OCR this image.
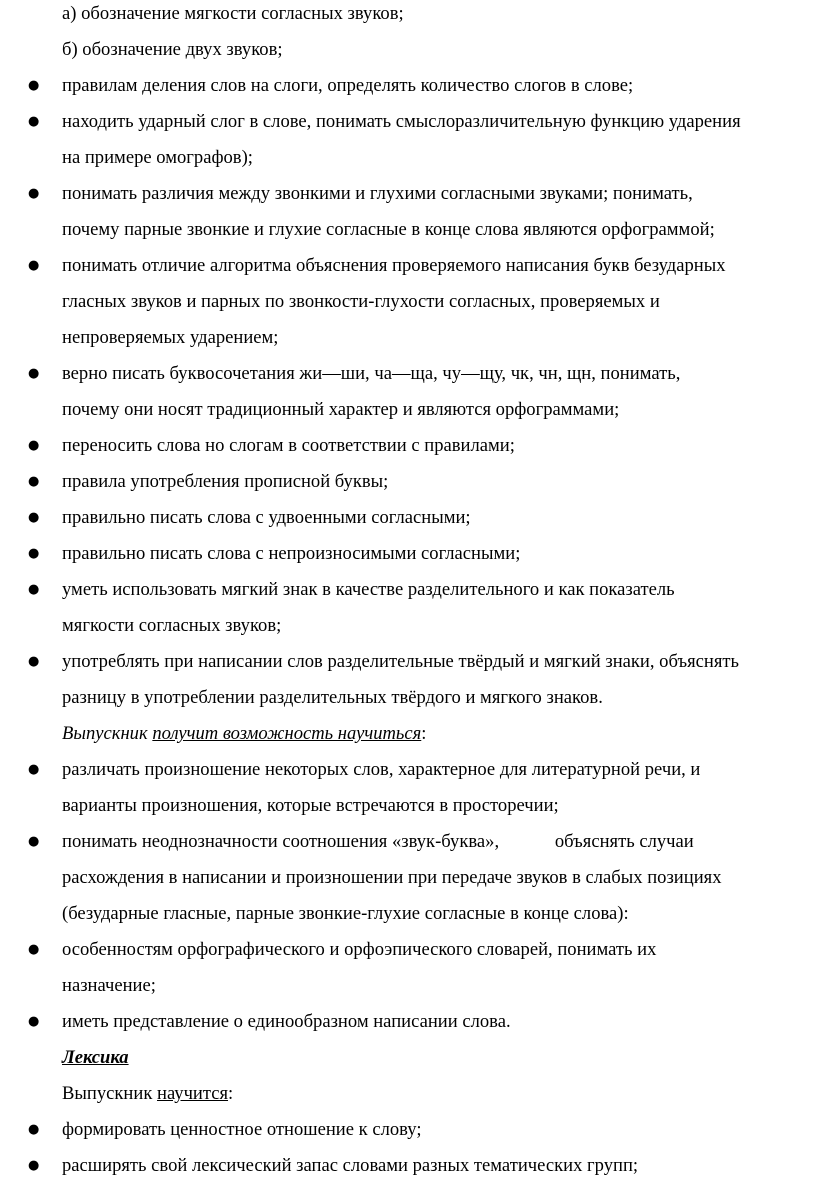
а) обозначение мягкости согласных звуков;

б) обозначение двух звуков;

● правилам деления слов на слоги, определять количество слогов в слове;
● находить ударный слог в слове, понимать смыслоразличительную функцию ударения
на примере омографов);
● понимать различия между звонкими и глухими согласными звуками; понимать,
почему парные звонкие и глухие согласные в конце слова являются орфограммой;
● понимать отличие алгоритма объяснения проверяемого написания букв безударных
гласных звуков и парных по звонкости-глухости согласных, проверяемых и
непроверяемых ударением;
● верно писать буквосочетания жи—ши, ча—ща, чу—щу, чк, чн, щн, понимать,
почему они носят традиционный характер и являются орфограммами;
● переносить слова но слогам в соответствии с правилами;
● правила употребления прописной буквы;
● правильно писать слова с удвоенными согласными;
● правильно писать слова с непроизносимыми согласными;
● уметь использовать мягкий знак в качестве разделительного и как показатель
мягкости согласных звуков;
● употреблять при написании слов разделительные твёрдый и мягкий знаки, объяснять
разницу в употреблении разделительных твёрдого и мягкого знаков.

Выпускник получит возможность научиться:

● различать произношение некоторых слов, характерное для литературной речи, и
варианты произношения, которые встречаются в просторечии;
● понимать неоднозначности соотношения «звук-буква»,            объяснять случаи
расхождения в написании и произношении при передаче звуков в слабых позициях
(безударные гласные, парные звонкие-глухие согласные в конце слова):
● особенностям орфографического и орфоэпического словарей, понимать их
назначение;
● иметь представление о единообразном написании слова.

Лексика

Выпускник научится:

● формировать ценностное отношение к слову;
● расширять свой лексический запас словами разных тематических групп;
